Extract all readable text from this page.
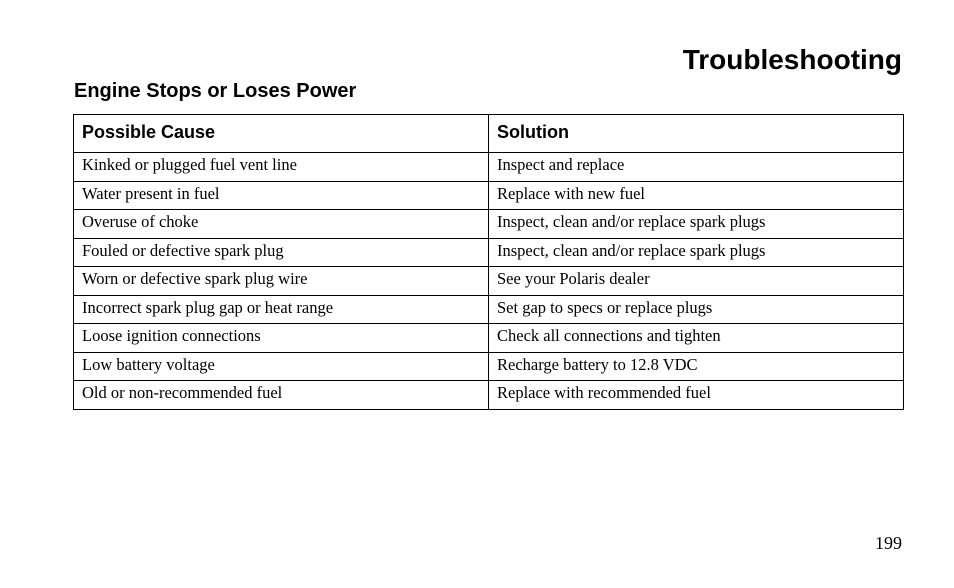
Troubleshooting
Engine Stops or Loses Power
Possible Cause	Solution
Kinked or plugged fuel vent line	Inspect and replace
Water present in fuel	Replace with new fuel
Overuse of choke	Inspect, clean and/or replace spark plugs
Fouled or defective spark plug	Inspect, clean and/or replace spark plugs
Worn or defective spark plug wire	See your Polaris dealer
Incorrect spark plug gap or heat range	Set gap to specs or replace plugs
Loose ignition connections	Check all connections and tighten
Low battery voltage	Recharge battery to 12.8 VDC
Old or non-recommended fuel	Replace with recommended fuel
199
